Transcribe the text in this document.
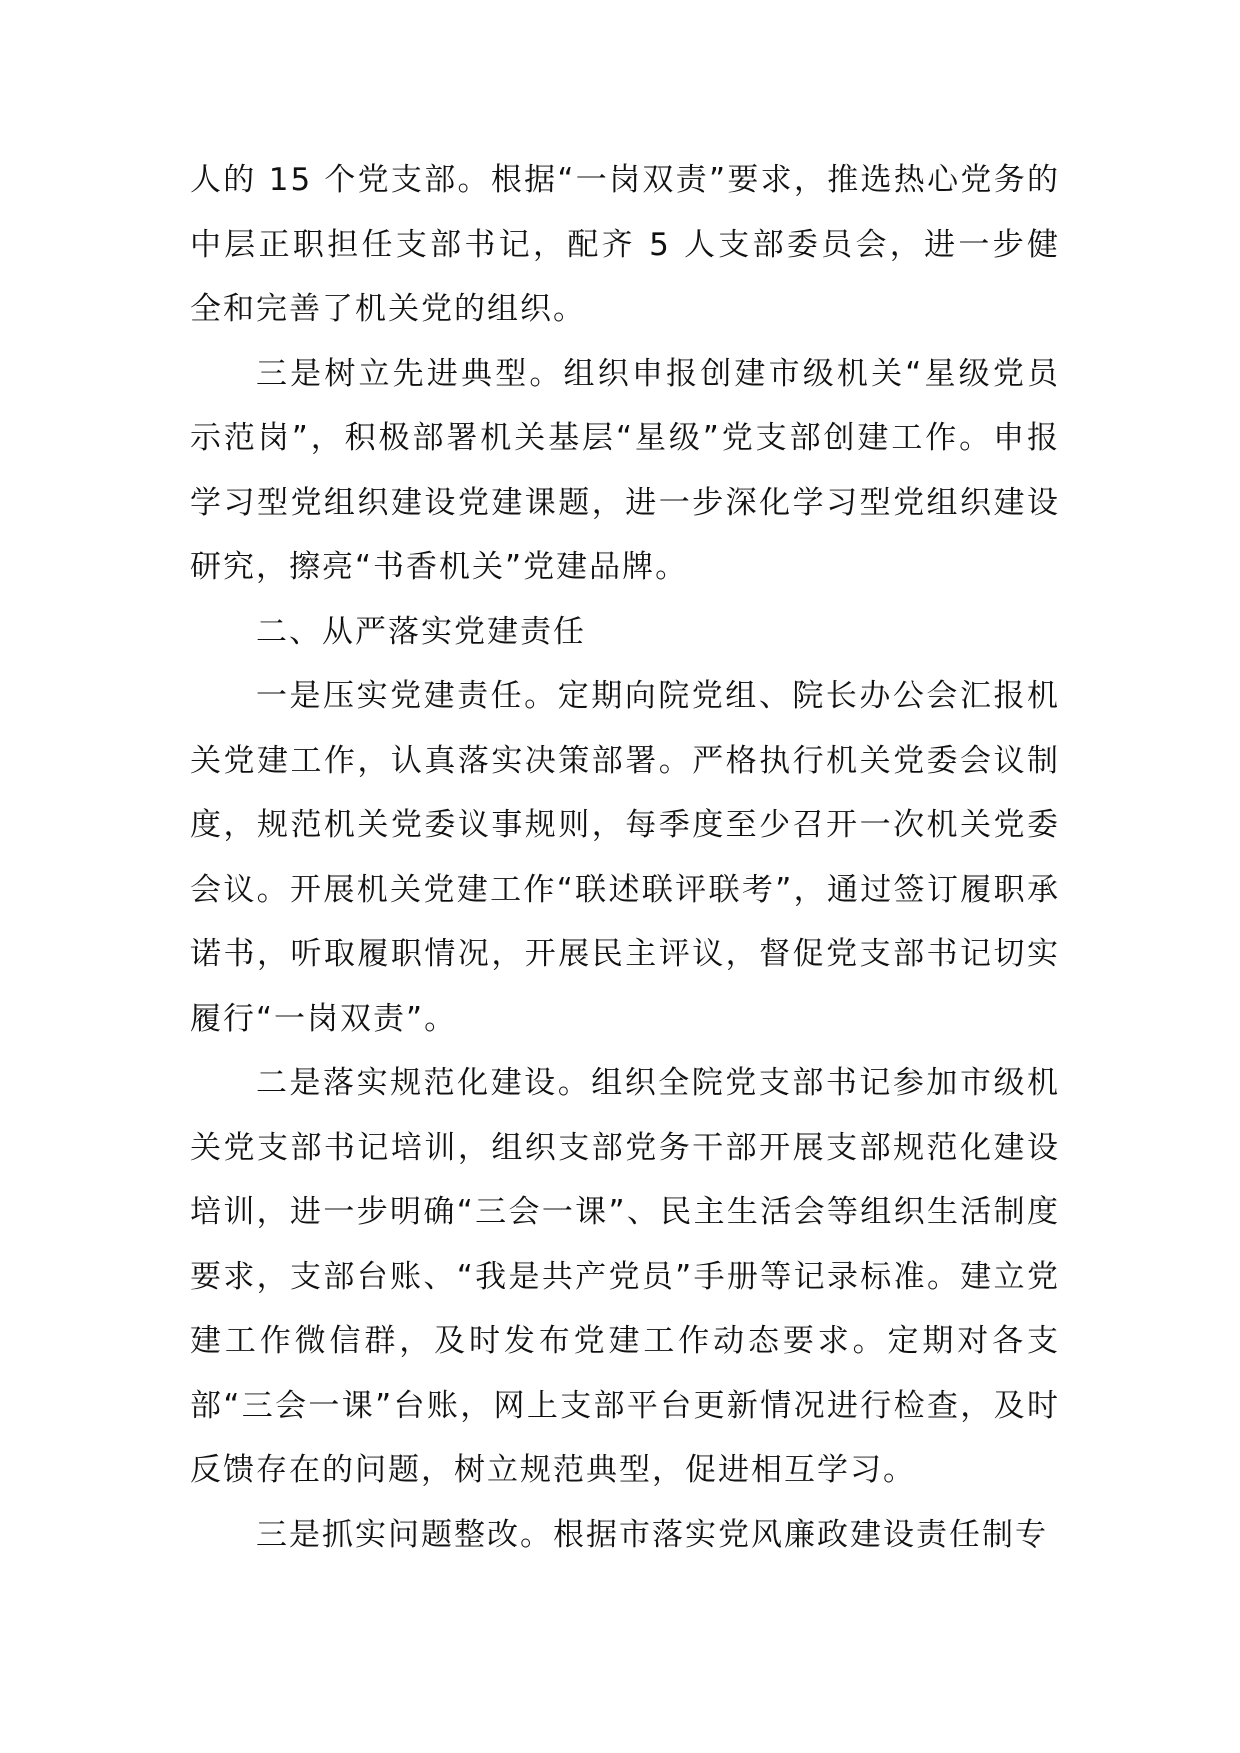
人的 15 个党支部。根据“一岗双责”要求，推选热心党务的中层正职担任支部书记，配齐 5 人支部委员会，进一步健全和完善了机关党的组织。

三是树立先进典型。组织申报创建市级机关“星级党员示范岗”，积极部署机关基层“星级”党支部创建工作。申报学习型党组织建设党建课题，进一步深化学习型党组织建设研究，擦亮“书香机关”党建品牌。

二、从严落实党建责任

一是压实党建责任。定期向院党组、院长办公会汇报机关党建工作，认真落实决策部署。严格执行机关党委会议制度，规范机关党委议事规则，每季度至少召开一次机关党委会议。开展机关党建工作“联述联评联考”，通过签订履职承诺书，听取履职情况，开展民主评议，督促党支部书记切实履行“一岗双责”。

二是落实规范化建设。组织全院党支部书记参加市级机关党支部书记培训，组织支部党务干部开展支部规范化建设培训，进一步明确“三会一课”、民主生活会等组织生活制度要求，支部台账、“我是共产党员”手册等记录标准。建立党建工作微信群，及时发布党建工作动态要求。定期对各支部“三会一课”台账，网上支部平台更新情况进行检查，及时反馈存在的问题，树立规范典型，促进相互学习。

三是抓实问题整改。根据市落实党风廉政建设责任制专
